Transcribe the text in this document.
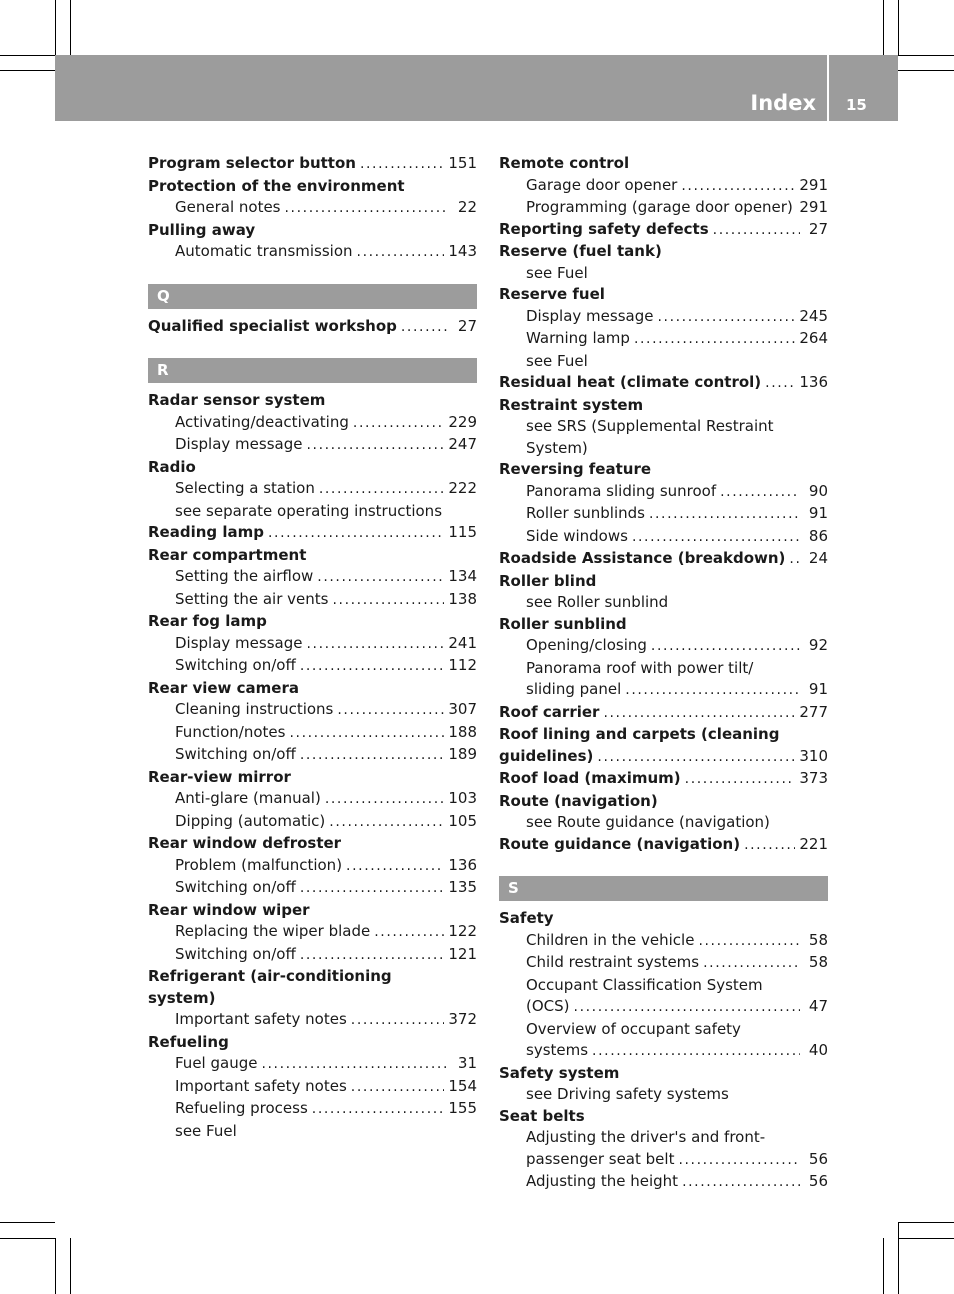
Index 15
Program selector button .....	151
Protection of the environment
General notes .....	22
Pulling away
Automatic transmission .....	143
Q
Qualified specialist workshop .....	27
R
Radar sensor system
Activating/deactivating .....	229
Display message .....	247
Radio
Selecting a station .....	222
see separate operating instructions
Reading lamp .....	115
Rear compartment
Setting the airflow .....	134
Setting the air vents .....	138
Rear fog lamp
Display message .....	241
Switching on/off .....	112
Rear view camera
Cleaning instructions .....	307
Function/notes .....	188
Switching on/off .....	189
Rear-view mirror
Anti-glare (manual) .....	103
Dipping (automatic) .....	105
Rear window defroster
Problem (malfunction) .....	136
Switching on/off .....	135
Rear window wiper
Replacing the wiper blade .....	122
Switching on/off .....	121
Refrigerant (air-conditioning
system)
Important safety notes .....	372
Refueling
Fuel gauge .....	31
Important safety notes .....	154
Refueling process .....	155
see Fuel
Remote control
Garage door opener .....	291
Programming (garage door opener) 291
Reporting safety defects .....	27
Reserve (fuel tank)
see Fuel
Reserve fuel
Display message .....	245
Warning lamp .....	264
see Fuel
Residual heat (climate control) .....	136
Restraint system
see SRS (Supplemental Restraint
System)
Reversing feature
Panorama sliding sunroof .....	90
Roller sunblinds .....	91
Side windows .....	86
Roadside Assistance (breakdown) .....	24
Roller blind
see Roller sunblind
Roller sunblind
Opening/closing .....	92
Panorama roof with power tilt/
sliding panel .....	91
Roof carrier .....	277
Roof lining and carpets (cleaning
guidelines) .....	310
Roof load (maximum) .....	373
Route (navigation)
see Route guidance (navigation)
Route guidance (navigation) .....	221
S
Safety
Children in the vehicle .....	58
Child restraint systems .....	58
Occupant Classification System
(OCS) .....	47
Overview of occupant safety
systems .....	40
Safety system
see Driving safety systems
Seat belts
Adjusting the driver's and front-
passenger seat belt .....	56
Adjusting the height .....	56
